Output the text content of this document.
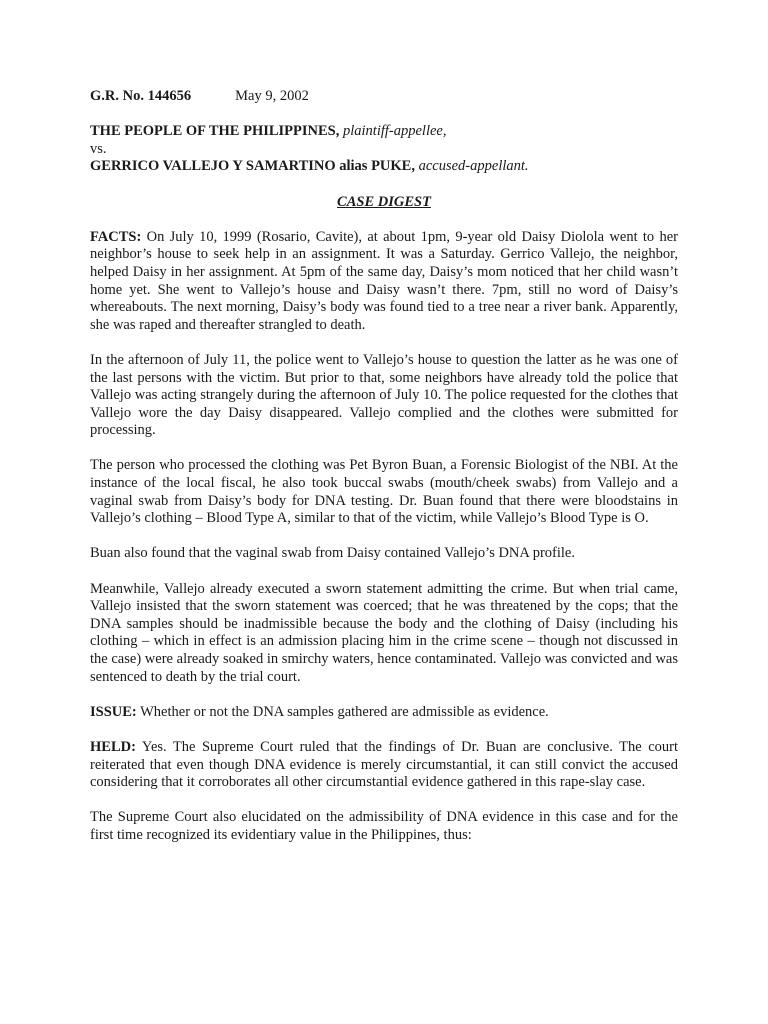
G.R. No. 144656	May 9, 2002
THE PEOPLE OF THE PHILIPPINES, plaintiff-appellee,
vs.
GERRICO VALLEJO Y SAMARTINO alias PUKE, accused-appellant.
CASE DIGEST

FACTS: On July 10, 1999 (Rosario, Cavite), at about 1pm, 9-year old Daisy Diolola went to her neighbor’s house to seek help in an assignment. It was a Saturday. Gerrico Vallejo, the neighbor, helped Daisy in her assignment. At 5pm of the same day, Daisy’s mom noticed that her child wasn’t home yet. She went to Vallejo’s house and Daisy wasn’t there. 7pm, still no word of Daisy’s whereabouts. The next morning, Daisy’s body was found tied to a tree near a river bank. Apparently, she was raped and thereafter strangled to death.

In the afternoon of July 11, the police went to Vallejo’s house to question the latter as he was one of the last persons with the victim. But prior to that, some neighbors have already told the police that Vallejo was acting strangely during the afternoon of July 10. The police requested for the clothes that Vallejo wore the day Daisy disappeared. Vallejo complied and the clothes were submitted for processing.

The person who processed the clothing was Pet Byron Buan, a Forensic Biologist of the NBI. At the instance of the local fiscal, he also took buccal swabs (mouth/cheek swabs) from Vallejo and a vaginal swab from Daisy’s body for DNA testing. Dr. Buan found that there were bloodstains in Vallejo’s clothing – Blood Type A, similar to that of the victim, while Vallejo’s Blood Type is O.

Buan also found that the vaginal swab from Daisy contained Vallejo’s DNA profile.

Meanwhile, Vallejo already executed a sworn statement admitting the crime. But when trial came, Vallejo insisted that the sworn statement was coerced; that he was threatened by the cops; that the DNA samples should be inadmissible because the body and the clothing of Daisy (including his clothing – which in effect is an admission placing him in the crime scene – though not discussed in the case) were already soaked in smirchy waters, hence contaminated. Vallejo was convicted and was sentenced to death by the trial court.

ISSUE: Whether or not the DNA samples gathered are admissible as evidence.

HELD: Yes. The Supreme Court ruled that the findings of Dr. Buan are conclusive. The court reiterated that even though DNA evidence is merely circumstantial, it can still convict the accused considering that it corroborates all other circumstantial evidence gathered in this rape-slay case.

The Supreme Court also elucidated on the admissibility of DNA evidence in this case and for the first time recognized its evidentiary value in the Philippines, thus:
